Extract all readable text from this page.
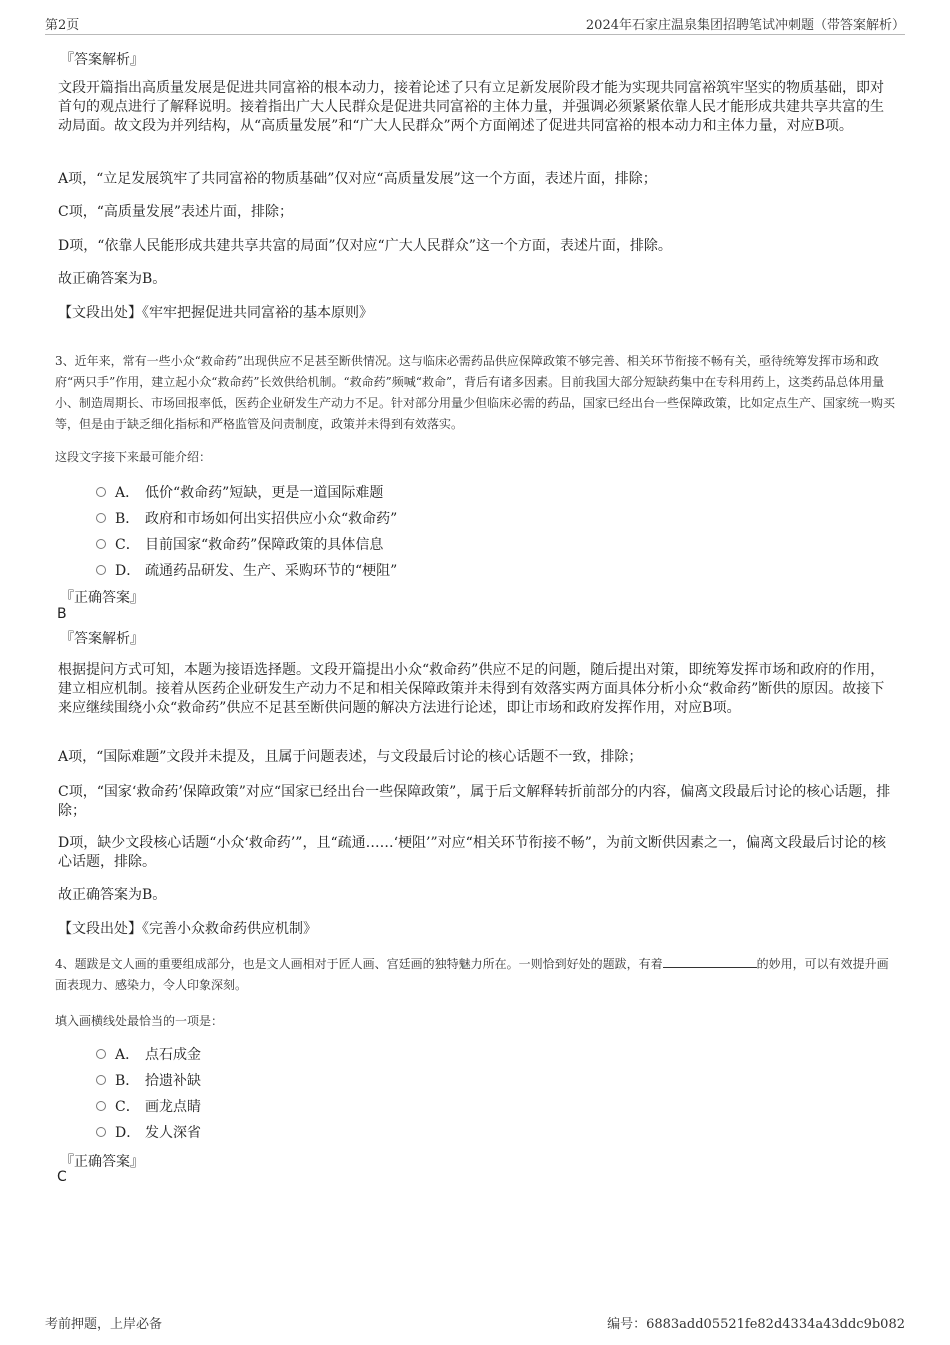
第2页	2024年石家庄温泉集团招聘笔试冲刺题（带答案解析）
『答案解析』
文段开篇指出高质量发展是促进共同富裕的根本动力，接着论述了只有立足新发展阶段才能为实现共同富裕筑牢坚实的物质基础，即对首句的观点进行了解释说明。接着指出广大人民群众是促进共同富裕的主体力量，并强调必须紧紧依靠人民才能形成共建共享共富的生动局面。故文段为并列结构，从“高质量发展”和“广大人民群众”两个方面阐述了促进共同富裕的根本动力和主体力量，对应B项。
A项，“立足发展筑牢了共同富裕的物质基础”仅对应“高质量发展”这一个方面，表述片面，排除；
C项，“高质量发展”表述片面，排除；
D项，“依靠人民能形成共建共享共富的局面”仅对应“广大人民群众”这一个方面，表述片面，排除。
故正确答案为B。
【文段出处】《牢牢把握促进共同富裕的基本原则》
3、近年来，常有一些小众“救命药”出现供应不足甚至断供情况。这与临床必需药品供应保障政策不够完善、相关环节衔接不畅有关，亟待统筹发挥市场和政府“两只手”作用，建立起小众“救命药”长效供给机制。“救命药”频喊“救命”，背后有诸多因素。目前我国大部分短缺药集中在专科用药上，这类药品总体用量小、制造周期长、市场回报率低，医药企业研发生产动力不足。针对部分用量少但临床必需的药品，国家已经出台一些保障政策，比如定点生产、国家统一购买等，但是由于缺乏细化指标和严格监管及问责制度，政策并未得到有效落实。
这段文字接下来最可能介绍：
A． 低价“救命药”短缺，更是一道国际难题
B． 政府和市场如何出实招供应小众“救命药”
C． 目前国家“救命药”保障政策的具体信息
D． 疏通药品研发、生产、采购环节的“梗阻”
『正确答案』
B
『答案解析』
根据提问方式可知，本题为接语选择题。文段开篇提出小众“救命药”供应不足的问题，随后提出对策，即统筹发挥市场和政府的作用，建立相应机制。接着从医药企业研发生产动力不足和相关保障政策并未得到有效落实两方面具体分析小众“救命药”断供的原因。故接下来应继续围绕小众“救命药”供应不足甚至断供问题的解决方法进行论述，即让市场和政府发挥作用，对应B项。
A项，“国际难题”文段并未提及，且属于问题表述，与文段最后讨论的核心话题不一致，排除；
C项，“国家‘救命药’保障政策”对应“国家已经出台一些保障政策”，属于后文解释转折前部分的内容，偏离文段最后讨论的核心话题，排除；
D项，缺少文段核心话题“小众‘救命药’”，且“疏通……‘梗阻’”对应“相关环节衔接不畅”，为前文断供因素之一，偏离文段最后讨论的核心话题，排除。
故正确答案为B。
【文段出处】《完善小众救命药供应机制》
4、题跋是文人画的重要组成部分，也是文人画相对于匠人画、宫廷画的独特魅力所在。一则恰到好处的题跋，有着	的妙用，可以有效提升画面表现力、感染力，令人印象深刻。
填入画横线处最恰当的一项是：
A． 点石成金
B． 拾遗补缺
C． 画龙点睛
D． 发人深省
『正确答案』
C
考前押题，上岸必备	编号：6883add05521fe82d4334a43ddc9b082
